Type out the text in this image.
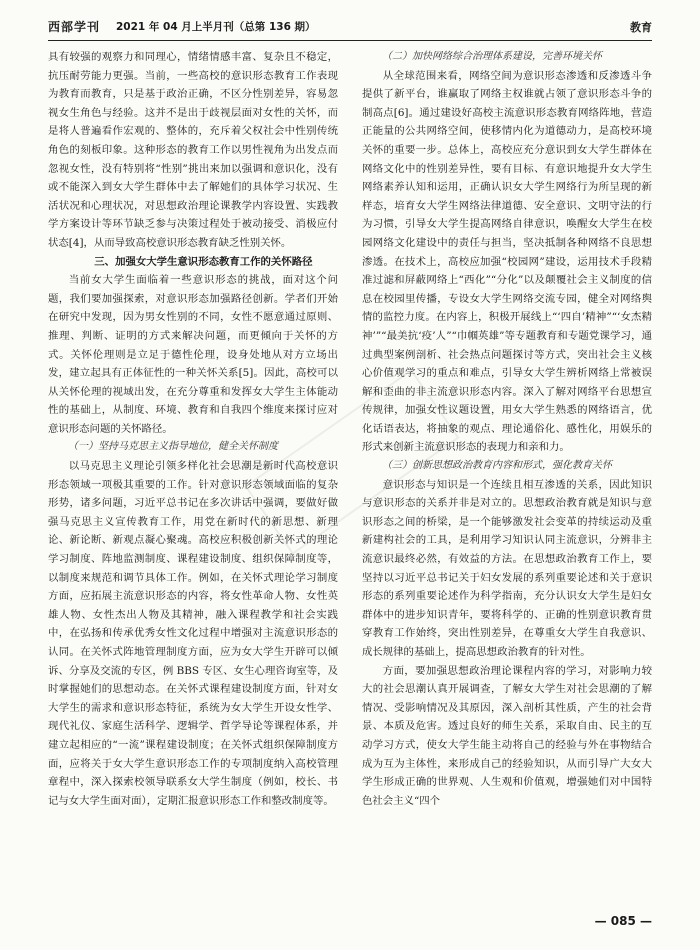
西部学刊 2021 年 04 月上半月刊（总第 136 期）	教育

具有较强的观察力和同理心，情绪情感丰富、复杂且不稳定，抗压耐劳能力更强。当前，一些高校的意识形态教育工作表现为教育而教育，只是基于政治正确，不区分性别差异，容易忽视女生角色与经验。这并不是出于歧视层面对女性的关怀，而是将人普遍看作宏观的、整体的，充斥着父权社会中性别传统角色的刻板印象。这种形态的教育工作以男性视角为出发点而忽视女性，没有特别将“性别”挑出来加以强调和意识化，没有或不能深入到女大学生群体中去了解她们的具体学习状况、生活状况和心理状况，对思想政治理论课教学内容设置、实践教学方案设计等环节缺乏参与决策过程处于被动接受、消极应付状态[4]，从而导致高校意识形态教育缺乏性别关怀。

三、加强女大学生意识形态教育工作的关怀路径

当前女大学生面临着一些意识形态的挑战，面对这个问题，我们要加强探索，对意识形态加强路径创新。学者们开始在研究中发现，因为男女性别的不同，女性不愿意通过原则、推理、判断、证明的方式来解决问题，而更倾向于关怀的方式。关怀伦理则是立足于德性伦理，设身处地从对方立场出发，建立起具有正体征性的一种关怀关系[5]。因此，高校可以从关怀伦理的视域出发，在充分尊重和发挥女大学生主体能动性的基础上，从制度、环境、教育和自我四个维度来探讨应对意识形态问题的关怀路径。

（一）坚持马克思主义指导地位，健全关怀制度

以马克思主义理论引领多样化社会思潮是新时代高校意识形态领域一项极其重要的工作。针对意识形态领域面临的复杂形势，诸多问题，习近平总书记在多次讲话中强调，要做好做强马克思主义宣传教育工作，用党在新时代的新思想、新理论、新论断、新观点凝心聚魂。高校应积极创新关怀式的理论学习制度、阵地监测制度、课程建设制度、组织保障制度等，以制度来规范和调节具体工作。例如，在关怀式理论学习制度方面，应拓展主流意识形态的内容，将女性革命人物、女性英雄人物、女性杰出人物及其精神，融入课程教学和社会实践中，在弘扬和传承优秀女性文化过程中增强对主流意识形态的认同。在关怀式阵地管理制度方面，应为女大学生开辟可以倾诉、分享及交流的专区，例 BBS 专区、女生心理咨询室等，及时掌握她们的思想动态。在关怀式课程建设制度方面，针对女大学生的需求和意识形态特征，系统为女大学生开设女性学、现代礼仪、家庭生活科学、逻辑学、哲学导论等课程体系，并建立起相应的“一流”课程建设制度；在关怀式组织保障制度方面，应将关于女大学生意识形态工作的专项制度纳入高校管理章程中，深入探索校领导联系女大学生制度（例如，校长、书记与女大学生面对面），定期汇报意识形态工作和整改制度等。

（二）加快网络综合治理体系建设，完善环境关怀

从全球范围来看，网络空间为意识形态渗透和反渗透斗争提供了新平台，谁赢取了网络主权谁就占领了意识形态斗争的制高点[6]。通过建设好高校主流意识形态教育网络阵地，营造正能量的公共网络空间，使移情内化为道德动力，是高校环境关怀的重要一步。总体上，高校应充分意识到女大学生群体在网络文化中的性别差异性，要有目标、有意识地提升女大学生网络素养认知和运用，正确认识女大学生网络行为所呈现的新样态，培育女大学生网络法律道德、安全意识、文明守法的行为习惯，引导女大学生提高网络自律意识，唤醒女大学生在校园网络文化建设中的责任与担当，坚决抵制各种网络不良思想渗透。在技术上，高校应加强“校园网”建设，运用技术手段精准过滤和屏蔽网络上“西化”“分化”以及颠覆社会主义制度的信息在校园里传播，专设女大学生网络交流专园，健全对网络舆情的监控力度。在内容上，积极开展线上“‘四自’精神”“‘女杰精神’”“最美抗‘疫’人”“巾帼英雄”等专题教育和专题党课学习，通过典型案例剖析、社会热点问题探讨等方式，突出社会主义核心价值观学习的重点和难点，引导女大学生辨析网络上常被误解和歪曲的非主流意识形态内容。深入了解对网络平台思想宣传规律，加强女性议题设置，用女大学生熟悉的网络语言，优化话语表达，将抽象的观点、理论通俗化、感性化，用娱乐的形式来创新主流意识形态的表现力和亲和力。

（三）创新思想政治教育内容和形式，强化教育关怀

意识形态与知识是一个连续且相互渗透的关系，因此知识与意识形态的关系并非是对立的。思想政治教育就是知识与意识形态之间的桥梁，是一个能够激发社会变革的持续运动及重新建构社会的工具，是利用学习知识认同主流意识，分辨非主流意识最终必然，有效益的方法。在思想政治教育工作上，要坚持以习近平总书记关于妇女发展的系列重要论述和关于意识形态的系列重要论述作为科学指南，充分认识女大学生是妇女群体中的进步知识青年，要将科学的、正确的性别意识教育贯穿教育工作始终，突出性别差异，在尊重女大学生自我意识、成长规律的基础上，提高思想政治教育的针对性。

方面，要加强思想政治理论课程内容的学习，对影响力较大的社会思潮认真开展调查，了解女大学生对社会思潮的了解情况、受影响情况及其原因，深入剖析其性质，产生的社会背景、本质及危害。透过良好的师生关系，采取自由、民主的互动学习方式，使女大学生能主动将自己的经验与外在事物结合成为互为主体性，来形成自己的经验知识，从而引导广大女大学生形成正确的世界观、人生观和价值观，增强她们对中国特色社会主义“四个

— 085 —
